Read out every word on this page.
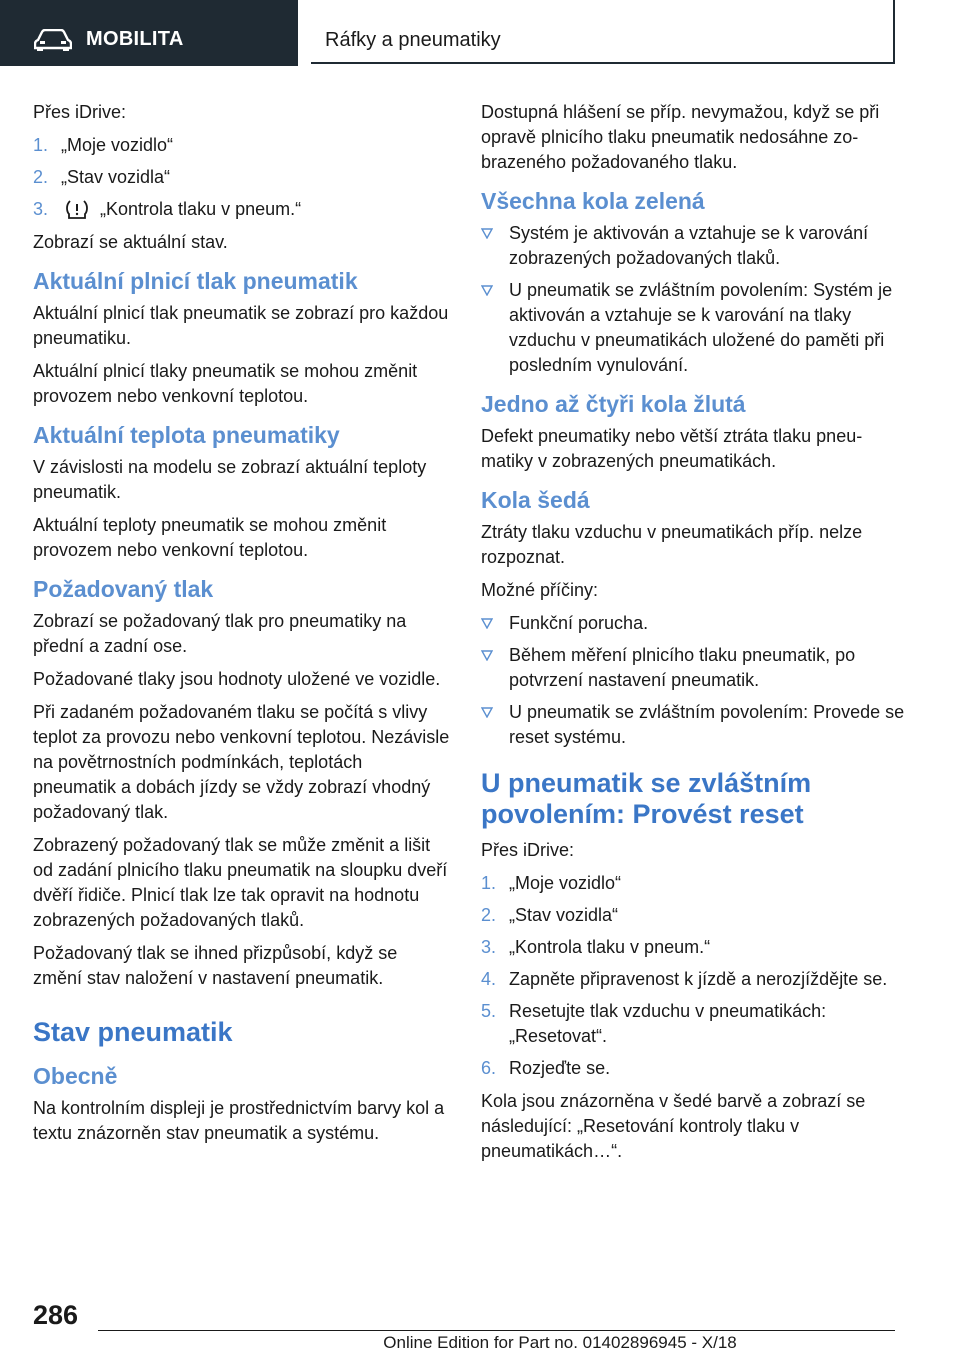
MOBILITA	Ráfky a pneumatiky

Přes iDrive:

1. „Moje vozidlo“
2. „Stav vozidla“
3.	„Kontrola tlaku v pneum.“

Zobrazí se aktuální stav.

Aktuální plnicí tlak pneumatik

Aktuální plnicí tlak pneumatik se zobrazí pro každou pneumatiku.

Aktuální plnicí tlaky pneumatik se mohou změnit provozem nebo venkovní teplotou.

Aktuální teplota pneumatiky

V závislosti na modelu se zobrazí aktuální teploty pneumatik.

Aktuální teploty pneumatik se mohou změnit provozem nebo venkovní teplotou.

Požadovaný tlak

Zobrazí se požadovaný tlak pro pneumatiky na přední a zadní ose.

Požadované tlaky jsou hodnoty uložené ve vozidle.

Při zadaném požadovaném tlaku se počítá s vlivy teplot za provozu nebo venkovní teplotou. Nezávisle na povětrnostních podmínkách, teplotách pneumatik a dobách jízdy se vždy zobrazí vhodný požadovaný tlak.

Zobrazený požadovaný tlak se může změnit a lišit od zadání plnicího tlaku pneumatik na sloupku dveří dvěří řidiče. Plnicí tlak lze tak opravit na hodnotu zobrazených požadovaných tlaků.

Požadovaný tlak se ihned přizpůsobí, když se změní stav naložení v nastavení pneumatik.

Stav pneumatik
Obecně

Na kontrolním displeji je prostřednictvím barvy kol a textu znázorněn stav pneumatik a systému.

Dostupná hlášení se příp. nevymažou, když se při opravě plnicího tlaku pneumatik nedosáhne zobrazeného požadovaného tlaku.

Všechna kola zelená
Systém je aktivován a vztahuje se k varování zobrazených požadovaných tlaků.
U pneumatik se zvláštním povolením: Systém je aktivován a vztahuje se k varování na tlaky vzduchu v pneumatikách uložené do paměti při posledním vynulování.
Jedno až čtyři kola žlutá

Defekt pneumatiky nebo větší ztráta tlaku pneumatiky v zobrazených pneumatikách.

Kola šedá

Ztráty tlaku vzduchu v pneumatikách příp. nelze rozpoznat.

Možné příčiny:

Funkční porucha.
Během měření plnicího tlaku pneumatik, po potvrzení nastavení pneumatik.
U pneumatik se zvláštním povolením: Provede se reset systému.
U pneumatik se zvláštním povolením: Provést reset

Přes iDrive:

1. „Moje vozidlo“
2. „Stav vozidla“
3. „Kontrola tlaku v pneum.“
4. Zapněte připravenost k jízdě a nerozjíždějte se.
5. Resetujte tlak vzduchu v pneumatikách: „Resetovat“.
6. Rozjeďte se.

Kola jsou znázorněna v šedé barvě a zobrazí se následující: „Resetování kontroly tlaku v pneumatikách…“.

286
Online Edition for Part no. 01402896945 - X/18
